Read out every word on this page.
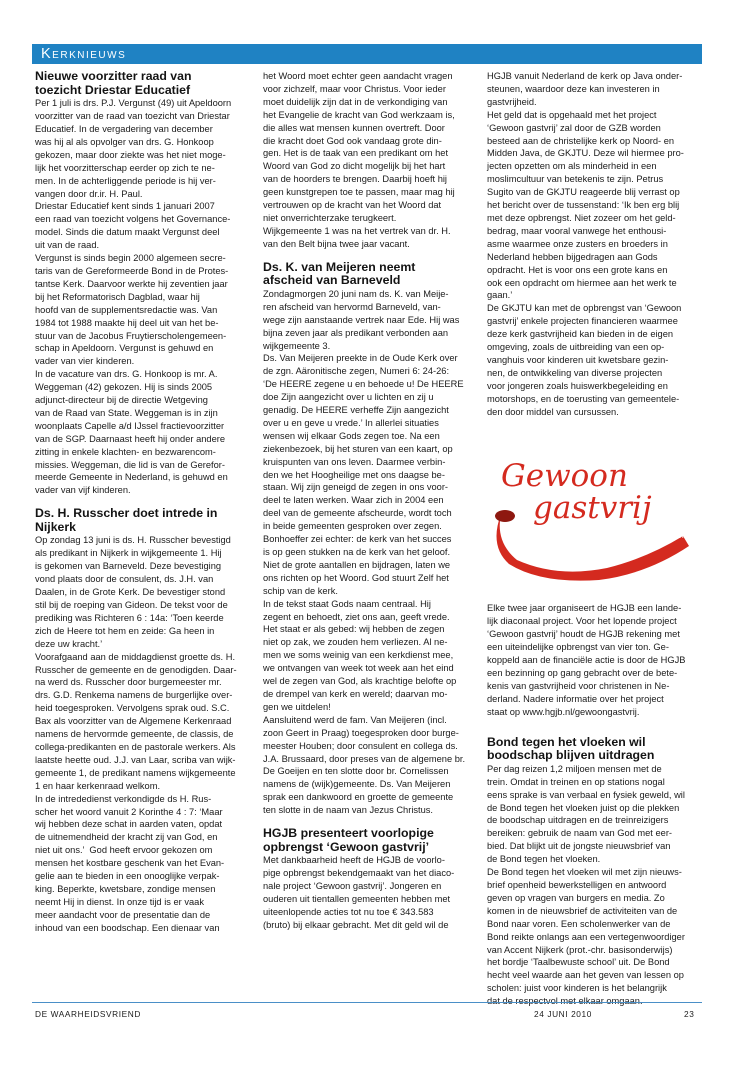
Kerknieuws
Nieuwe voorzitter raad van
toezicht Driestar Educatief
Per 1 juli is drs. P.J. Vergunst (49) uit Apeldoorn
voorzitter van de raad van toezicht van Driestar
Educatief. In de vergadering van december
was hij al als opvolger van drs. G. Honkoop
gekozen, maar door ziekte was het niet moge-
lijk het voorzitterschap eerder op zich te ne-
men. In de achterliggende periode is hij ver-
vangen door dr.ir. H. Paul.
Driestar Educatief kent sinds 1 januari 2007
een raad van toezicht volgens het Governance-
model. Sinds die datum maakt Vergunst deel
uit van de raad.
Vergunst is sinds begin 2000 algemeen secre-
taris van de Gereformeerde Bond in de Protes-
tantse Kerk. Daarvoor werkte hij zeventien jaar
bij het Reformatorisch Dagblad, waar hij
hoofd van de supplementsredactie was. Van
1984 tot 1988 maakte hij deel uit van het be-
stuur van de Jacobus Fruytierscholengemeen-
schap in Apeldoorn. Vergunst is gehuwd en
vader van vier kinderen.
In de vacature van drs. G. Honkoop is mr. A.
Weggeman (42) gekozen. Hij is sinds 2005
adjunct-directeur bij de directie Wetgeving
van de Raad van State. Weggeman is in zijn
woonplaats Capelle a/d IJssel fractievoorzitter
van de SGP. Daarnaast heeft hij onder andere
zitting in enkele klachten- en bezwarencom-
missies. Weggeman, die lid is van de Gerefor-
meerde Gemeente in Nederland, is gehuwd en
vader van vijf kinderen.
Ds. H. Russcher doet intrede in
Nijkerk
Op zondag 13 juni is ds. H. Russcher bevestigd
als predikant in Nijkerk in wijkgemeente 1. Hij
is gekomen van Barneveld. Deze bevestiging
vond plaats door de consulent, ds. J.H. van
Daalen, in de Grote Kerk. De bevestiger stond
stil bij de roeping van Gideon. De tekst voor de
prediking was Richteren 6 : 14a: ‘Toen keerde
zich de Heere tot hem en zeide: Ga heen in
deze uw kracht.’
Voorafgaand aan de middagdienst groette ds. H.
Russcher de gemeente en de genodigden. Daar-
na werd ds. Russcher door burgemeester mr.
drs. G.D. Renkema namens de burgerlijke over-
heid toegesproken. Vervolgens sprak oud. S.C.
Bax als voorzitter van de Algemene Kerkenraad
namens de hervormde gemeente, de classis, de
collega-predikanten en de pastorale werkers. Als
laatste heette oud. J.J. van Laar, scriba van wijk-
gemeente 1, de predikant namens wijkgemeente
1 en haar kerkenraad welkom.
In de intrededienst verkondigde ds H. Rus-
scher het woord vanuit 2 Korinthe 4 : 7: ‘Maar
wij hebben deze schat in aarden vaten, opdat
de uitnemendheid der kracht zij van God, en
niet uit ons.’  God heeft ervoor gekozen om
mensen het kostbare geschenk van het Evan-
gelie aan te bieden in een onooglijke verpak-
king. Beperkte, kwetsbare, zondige mensen
neemt Hij in dienst. In onze tijd is er vaak
meer aandacht voor de presentatie dan de
inhoud van een boodschap. Een dienaar van
het Woord moet echter geen aandacht vragen
voor zichzelf, maar voor Christus. Voor ieder
moet duidelijk zijn dat in de verkondiging van
het Evangelie de kracht van God werkzaam is,
die alles wat mensen kunnen overtreft. Door
die kracht doet God ook vandaag grote din-
gen. Het is de taak van een predikant om het
Woord van God zo dicht mogelijk bij het hart
van de hoorders te brengen. Daarbij hoeft hij
geen kunstgrepen toe te passen, maar mag hij
vertrouwen op de kracht van het Woord dat
niet onverrichterzake terugkeert.
Wijkgemeente 1 was na het vertrek van dr. H.
van den Belt bijna twee jaar vacant.
Ds. K. van Meijeren neemt
afscheid van Barneveld
Zondagmorgen 20 juni nam ds. K. van Meije-
ren afscheid van hervormd Barneveld, van-
wege zijn aanstaande vertrek naar Ede. Hij was
bijna zeven jaar als predikant verbonden aan
wijkgemeente 3.
Ds. Van Meijeren preekte in de Oude Kerk over
de zgn. Aäronitische zegen, Numeri 6: 24-26:
‘De HEERE zegene u en behoede u! De HEERE
doe Zijn aangezicht over u lichten en zij u
genadig. De HEERE verheffe Zijn aangezicht
over u en geve u vrede.’ In allerlei situaties
wensen wij elkaar Gods zegen toe. Na een
ziekenbezoek, bij het sturen van een kaart, op
kruispunten van ons leven. Daarmee verbin-
den we het Hoogheilige met ons daagse be-
staan. Wij zijn geneigd de zegen in ons voor-
deel te laten werken. Waar zich in 2004 een
deel van de gemeente afscheurde, wordt toch
in beide gemeenten gesproken over zegen.
Bonhoeffer zei echter: de kerk van het succes
is op geen stukken na de kerk van het geloof.
Niet de grote aantallen en bijdragen, laten we
ons richten op het Woord. God stuurt Zelf het
schip van de kerk.
In de tekst staat Gods naam centraal. Hij
zegent en behoedt, ziet ons aan, geeft vrede.
Het staat er als gebed: wij hebben de zegen
niet op zak, we zouden hem verliezen. Al ne-
men we soms weinig van een kerkdienst mee,
we ontvangen van week tot week aan het eind
wel de zegen van God, als krachtige belofte op
de drempel van kerk en wereld; daarvan mo-
gen we uitdelen!
Aansluitend werd de fam. Van Meijeren (incl.
zoon Geert in Praag) toegesproken door burge-
meester Houben; door consulent en collega ds.
J.A. Brussaard, door preses van de algemene br.
De Goeijen en ten slotte door br. Cornelissen
namens de (wijk)gemeente. Ds. Van Meijeren
sprak een dankwoord en groette de gemeente
ten slotte in de naam van Jezus Christus.
HGJB presenteert voorlopige
opbrengst ‘Gewoon gastvrij’
Met dankbaarheid heeft de HGJB de voorlo-
pige opbrengst bekendgemaakt van het diaco-
nale project ‘Gewoon gastvrij’. Jongeren en
ouderen uit tientallen gemeenten hebben met
uiteenlopende acties tot nu toe € 343.583
(bruto) bij elkaar gebracht. Met dit geld wil de
HGJB vanuit Nederland de kerk op Java onder-
steunen, waardoor deze kan investeren in
gastvrijheid.
Het geld dat is opgehaald met het project
‘Gewoon gastvrij’ zal door de GZB worden
besteed aan de christelijke kerk op Noord- en
Midden Java, de GKJTU. Deze wil hiermee pro-
jecten opzetten om als minderheid in een
moslimcultuur van betekenis te zijn. Petrus
Sugito van de GKJTU reageerde blij verrast op
het bericht over de tussenstand: ‘Ik ben erg blij
met deze opbrengst. Niet zozeer om het geld-
bedrag, maar vooral vanwege het enthousi-
asme waarmee onze zusters en broeders in
Nederland hebben bijgedragen aan Gods
opdracht. Het is voor ons een grote kans en
ook een opdracht om hiermee aan het werk te
gaan.’
De GKJTU kan met de opbrengst van ‘Gewoon
gastvrij’ enkele projecten financieren waarmee
deze kerk gastvrijheid kan bieden in de eigen
omgeving, zoals de uitbreiding van een op-
vanghuis voor kinderen uit kwetsbare gezin-
nen, de ontwikkeling van diverse projecten
voor jongeren zoals huiswerkbegeleiding en
motorshops, en de toerusting van gemeentele-
den door middel van cursussen.
Gewoon
gastvrij
Samen-leven op Java en in Nederland
Elke twee jaar organiseert de HGJB een lande-
lijk diaconaal project. Voor het lopende project
‘Gewoon gastvrij’ houdt de HGJB rekening met
een uiteindelijke opbrengst van vier ton. Ge-
koppeld aan de financiële actie is door de HGJB
een bezinning op gang gebracht over de bete-
kenis van gastvrijheid voor christenen in Ne-
derland. Nadere informatie over het project
staat op www.hgjb.nl/gewoongastvrij.
Bond tegen het vloeken wil
boodschap blijven uitdragen
Per dag reizen 1,2 miljoen mensen met de
trein. Omdat in treinen en op stations nogal
eens sprake is van verbaal en fysiek geweld, wil
de Bond tegen het vloeken juist op die plekken
de boodschap uitdragen en de treinreizigers
bereiken: gebruik de naam van God met eer-
bied. Dat blijkt uit de jongste nieuwsbrief van
de Bond tegen het vloeken.
De Bond tegen het vloeken wil met zijn nieuws-
brief openheid bewerkstelligen en antwoord
geven op vragen van burgers en media. Zo
komen in de nieuwsbrief de activiteiten van de
Bond naar voren. Een scholenwerker van de
Bond reikte onlangs aan een vertegenwoordiger
van Accent Nijkerk (prot.-chr. basisonderwijs)
het bordje ‘Taalbewuste school’ uit. De Bond
hecht veel waarde aan het geven van lessen op
scholen: juist voor kinderen is het belangrijk
dat de respectvol met elkaar omgaan.
DE WAARHEIDSVRIEND	24 JUNI 2010	23
